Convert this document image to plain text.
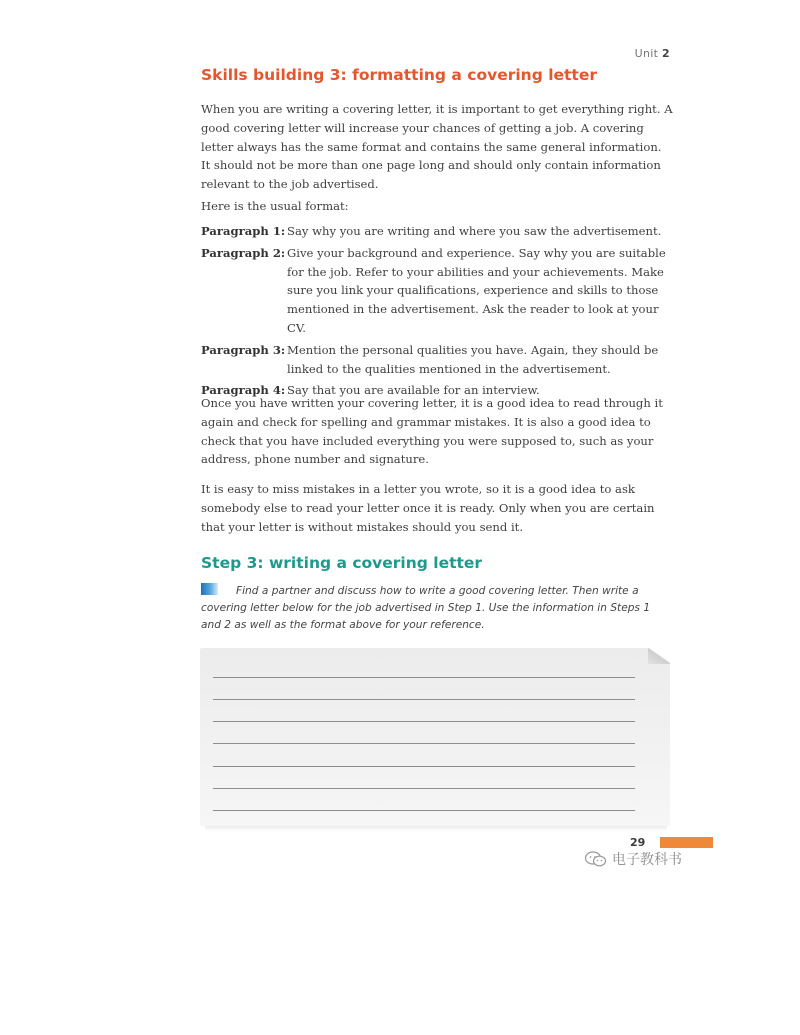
Unit 2
Skills building 3: formatting a covering letter

When you are writing a covering letter, it is important to get everything right. A good covering letter will increase your chances of getting a job. A covering letter always has the same format and contains the same general information. It should not be more than one page long and should only contain information relevant to the job advertised.

Here is the usual format:

Paragraph 1: Say why you are writing and where you saw the advertisement.
Paragraph 2: Give your background and experience. Say why you are suitable for the job. Refer to your abilities and your achievements. Make sure you link your qualifications, experience and skills to those mentioned in the advertisement. Ask the reader to look at your CV.
Paragraph 3: Mention the personal qualities you have. Again, they should be linked to the qualities mentioned in the advertisement.
Paragraph 4: Say that you are available for an interview.

Once you have written your covering letter, it is a good idea to read through it again and check for spelling and grammar mistakes. It is also a good idea to check that you have included everything you were supposed to, such as your address, phone number and signature.

It is easy to miss mistakes in a letter you wrote, so it is a good idea to ask somebody else to read your letter once it is ready. Only when you are certain that your letter is without mistakes should you send it.

Step 3: writing a covering letter
Find a partner and discuss how to write a good covering letter. Then write a covering letter below for the job advertised in Step 1. Use the information in Steps 1 and 2 as well as the format above for your reference.
29
电子教科书
